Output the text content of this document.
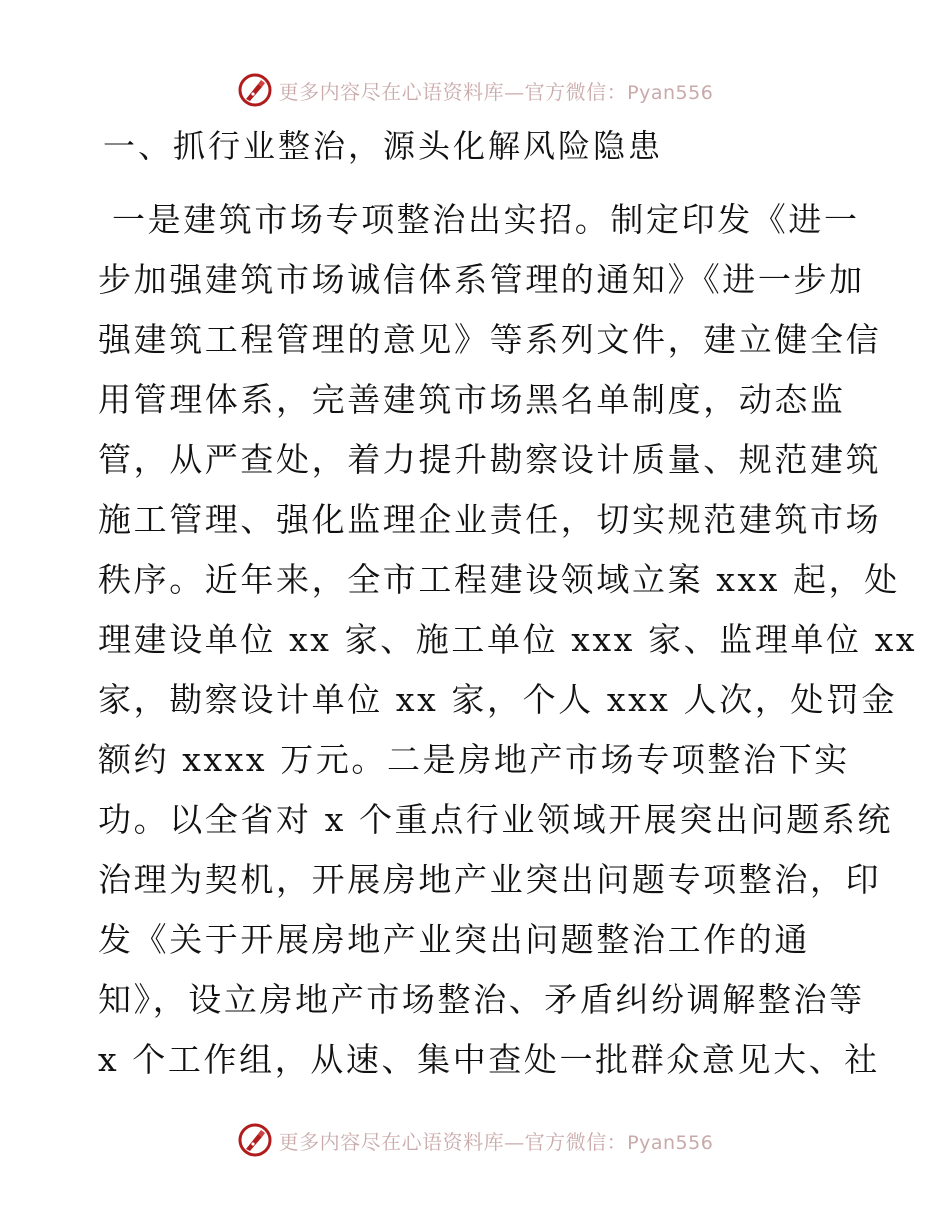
更多内容尽在心语资料库—官方微信：Pyan556
一、抓行业整治，源头化解风险隐患
一是建筑市场专项整治出实招。制定印发《进一
步加强建筑市场诚信体系管理的通知》《进一步加
强建筑工程管理的意见》等系列文件，建立健全信
用管理体系，完善建筑市场黑名单制度，动态监
管，从严查处，着力提升勘察设计质量、规范建筑
施工管理、强化监理企业责任，切实规范建筑市场
秩序。近年来，全市工程建设领域立案 xxx 起，处
理建设单位 xx 家、施工单位 xxx 家、监理单位 xx
家，勘察设计单位 xx 家，个人 xxx 人次，处罚金
额约 xxxx 万元。二是房地产市场专项整治下实
功。以全省对 x 个重点行业领域开展突出问题系统
治理为契机，开展房地产业突出问题专项整治，印
发《关于开展房地产业突出问题整治工作的通
知》，设立房地产市场整治、矛盾纠纷调解整治等
x 个工作组，从速、集中查处一批群众意见大、社
更多内容尽在心语资料库—官方微信：Pyan556
